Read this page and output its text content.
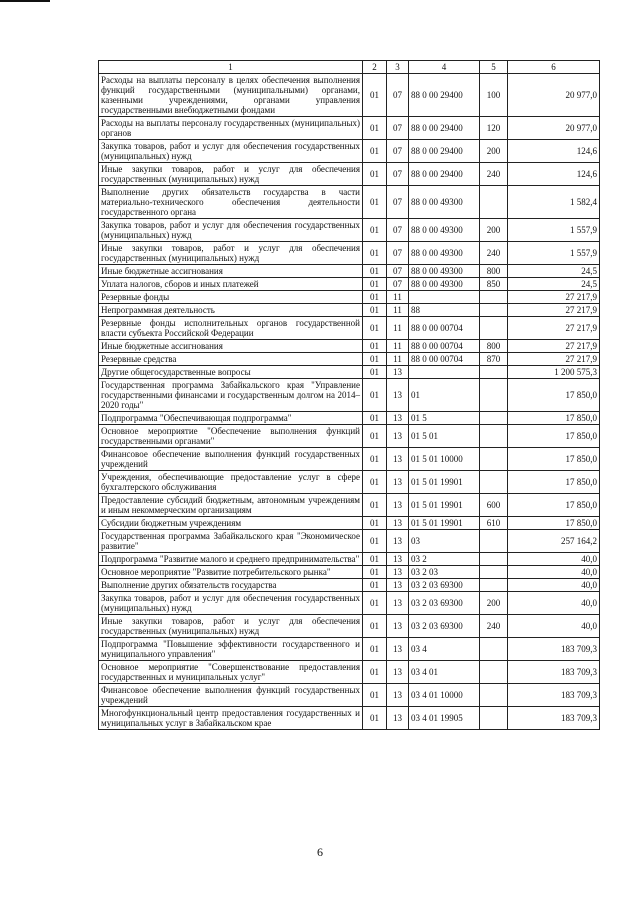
1	2	3	4	5	6
Расходы на выплаты персоналу в целях обеспечения выполнения функций государственными (муниципальными) органами, казенными учреждениями, органами управления государственными внебюджетными фондами	01	07	88 0 00 29400	100	20 977,0
Расходы на выплаты персоналу государственных (муниципальных) органов	01	07	88 0 00 29400	120	20 977,0
Закупка товаров, работ и услуг для обеспечения государственных (муниципальных) нужд	01	07	88 0 00 29400	200	124,6
Иные закупки товаров, работ и услуг для обеспечения государственных (муниципальных) нужд	01	07	88 0 00 29400	240	124,6
Выполнение других обязательств государства в части материально-технического обеспечения деятельности государственного органа	01	07	88 0 00 49300		1 582,4
Закупка товаров, работ и услуг для обеспечения государственных (муниципальных) нужд	01	07	88 0 00 49300	200	1 557,9
Иные закупки товаров, работ и услуг для обеспечения государственных (муниципальных) нужд	01	07	88 0 00 49300	240	1 557,9
Иные бюджетные ассигнования	01	07	88 0 00 49300	800	24,5
Уплата налогов, сборов и иных платежей	01	07	88 0 00 49300	850	24,5
Резервные фонды	01	11			27 217,9
Непрограммная деятельность	01	11	88		27 217,9
Резервные фонды исполнительных органов государственной власти субъекта Российской Федерации	01	11	88 0 00 00704		27 217,9
Иные бюджетные ассигнования	01	11	88 0 00 00704	800	27 217,9
Резервные средства	01	11	88 0 00 00704	870	27 217,9
Другие общегосударственные вопросы	01	13			1 200 575,3
Государственная программа Забайкальского края "Управление государственными финансами и государственным долгом на 2014–2020 годы"	01	13	01		17 850,0
Подпрограмма "Обеспечивающая подпрограмма"	01	13	01 5		17 850,0
Основное мероприятие "Обеспечение выполнения функций государственными органами"	01	13	01 5 01		17 850,0
Финансовое обеспечение выполнения функций государственных учреждений	01	13	01 5 01 10000		17 850,0
Учреждения, обеспечивающие предоставление услуг в сфере бухгалтерского обслуживания	01	13	01 5 01 19901		17 850,0
Предоставление субсидий бюджетным, автономным учреждениям и иным некоммерческим организациям	01	13	01 5 01 19901	600	17 850,0
Субсидии бюджетным учреждениям	01	13	01 5 01 19901	610	17 850,0
Государственная программа Забайкальского края "Экономическое развитие"	01	13	03		257 164,2
Подпрограмма "Развитие малого и среднего предпринимательства"	01	13	03 2		40,0
Основное мероприятие "Развитие потребительского рынка"	01	13	03 2 03		40,0
Выполнение других обязательств государства	01	13	03 2 03 69300		40,0
Закупка товаров, работ и услуг для обеспечения государственных (муниципальных) нужд	01	13	03 2 03 69300	200	40,0
Иные закупки товаров, работ и услуг для обеспечения государственных (муниципальных) нужд	01	13	03 2 03 69300	240	40,0
Подпрограмма "Повышение эффективности государственного и муниципального управления"	01	13	03 4		183 709,3
Основное мероприятие "Совершенствование предоставления государственных и муниципальных услуг"	01	13	03 4 01		183 709,3
Финансовое обеспечение выполнения функций государственных учреждений	01	13	03 4 01 10000		183 709,3
Многофункциональный центр предоставления государственных и муниципальных услуг в Забайкальском крае	01	13	03 4 01 19905		183 709,3
6
